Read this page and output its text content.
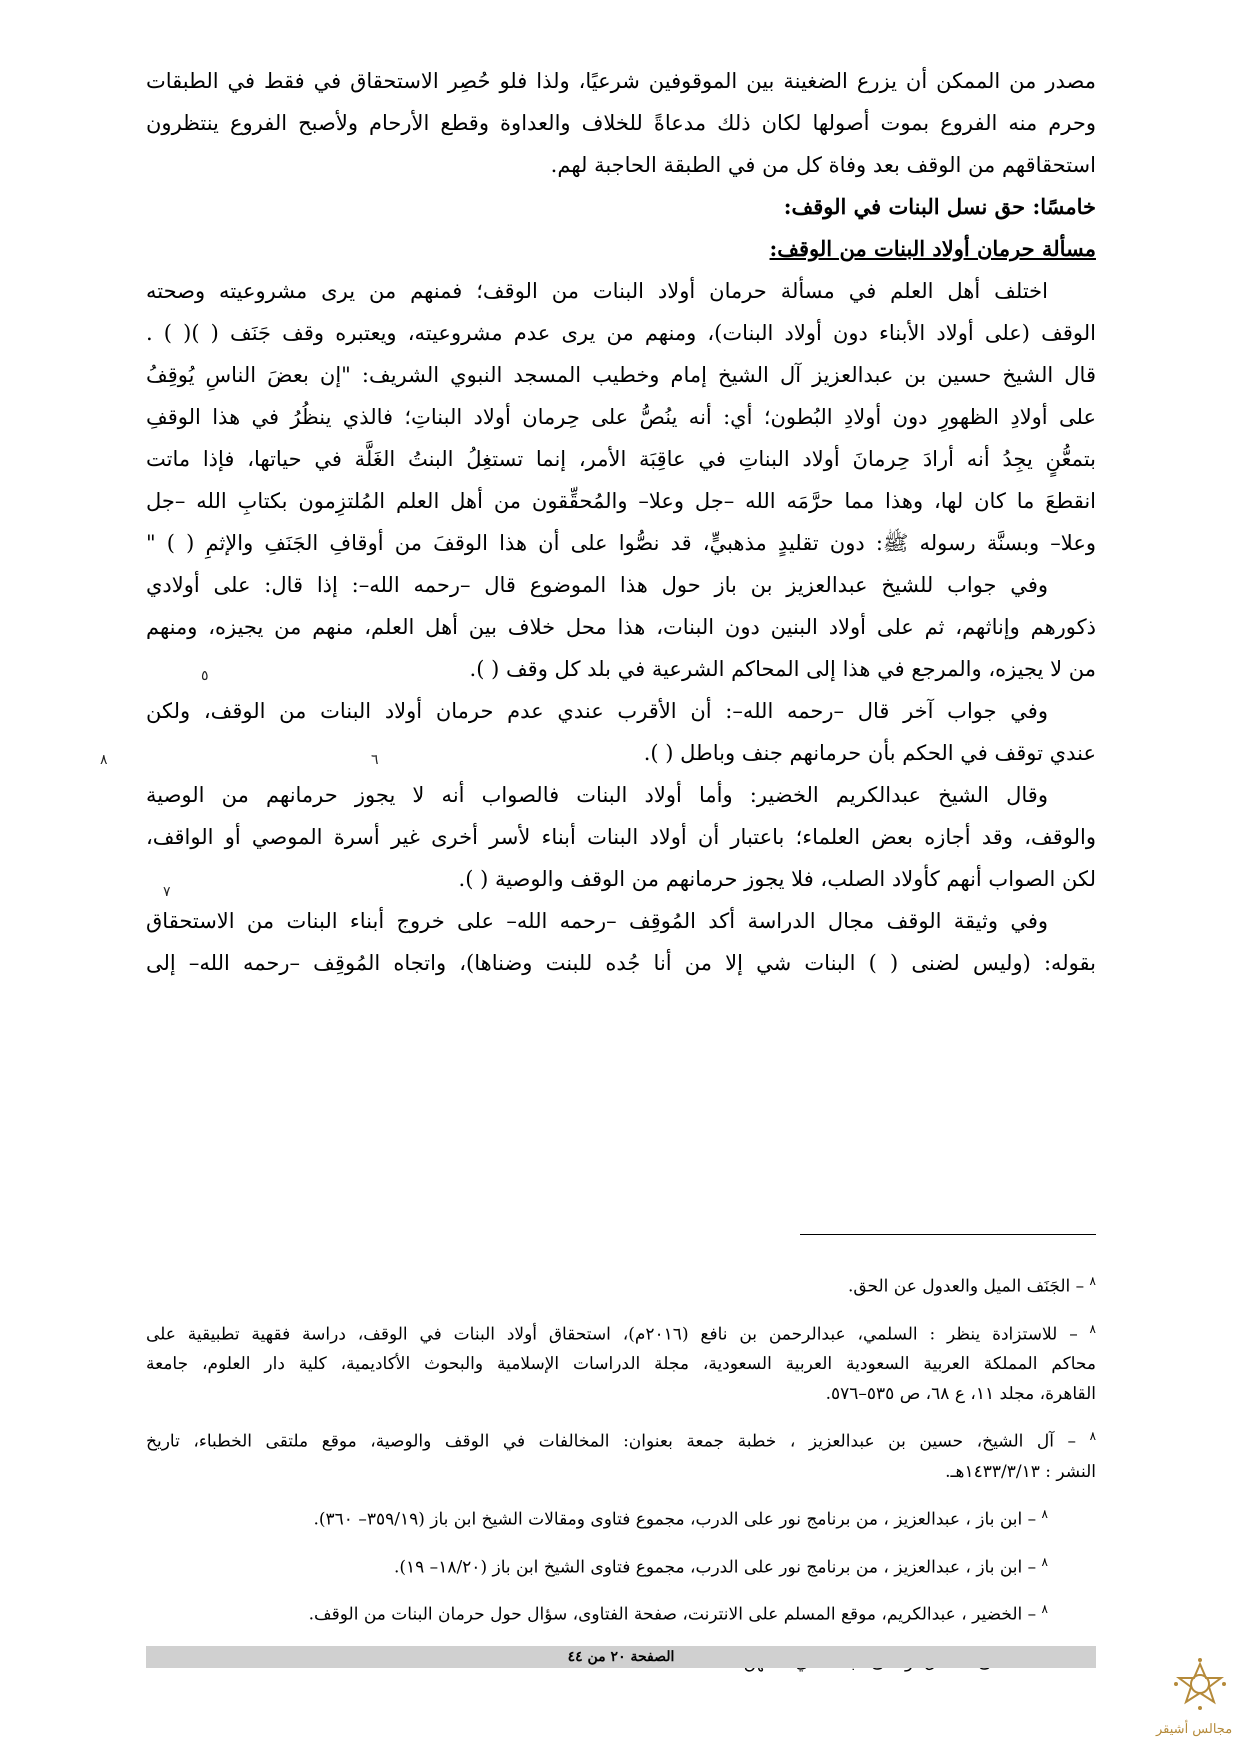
مصدر من الممكن أن يزرع الضغينة بين الموقوفين شرعيًا، ولذا فلو حُصِر الاستحقاق في فقط في الطبقات
وحرم منه الفروع بموت أصولها لكان ذلك مدعاةً للخلاف والعداوة وقطع الأرحام ولأصبح الفروع ينتظرون
استحقاقهم من الوقف بعد وفاة كل من في الطبقة الحاجبة لهم.
خامسًا: حق نسل البنات في الوقف:
مسألة حرمان أولاد البنات من الوقف:
اختلف أهل العلم في مسألة حرمان أولاد البنات من الوقف؛ فمنهم من يرى مشروعيته وصحته
الوقف (على أولاد الأبناء دون أولاد البنات)، ومنهم من يرى عدم مشروعيته، ويعتبره وقف جَنَف ( )( ) .
قال الشيخ حسين بن عبدالعزيز آل الشيخ إمام وخطيب المسجد النبوي الشريف: "إن بعضَ الناسِ يُوقِفُ
على أولادِ الظهورِ دون أولادِ البُطون؛ أي: أنه ينُصُّ على حِرمان أولاد البناتِ؛ فالذي ينظُرُ في هذا الوقفِ
بتمعُّنٍ يجِدُ أنه أرادَ حِرمانَ أولاد البناتِ في عاقِبَة الأمر، إنما تستغِلُ البنتُ الغَلَّة في حياتها، فإذا ماتت
انقطعَ ما كان لها، وهذا مما حرَّمَه الله –جل وعلا– والمُحقِّقون من أهل العلم المُلتزِمون بكتابِ الله –جل
وعلا– وبسنَّة رسوله ﷺ: دون تقليدٍ مذهبيٍّ، قد نصُّوا على أن هذا الوقفَ من أوقافِ الجَنَفِ والإثمِ ( ) "
وفي جواب للشيخ عبدالعزيز بن باز حول هذا الموضوع قال –رحمه الله–: إذا قال: على أولادي
ذكورهم وإناثهم، ثم على أولاد البنين دون البنات، هذا محل خلاف بين أهل العلم، منهم من يجيزه، ومنهم
من لا يجيزه، والمرجع في هذا إلى المحاكم الشرعية في بلد كل وقف ( ).
وفي جواب آخر قال –رحمه الله–: أن الأقرب عندي عدم حرمان أولاد البنات من الوقف، ولكن
عندي توقف في الحكم بأن حرمانهم جنف وباطل ( ).
وقال الشيخ عبدالكريم الخضير: وأما أولاد البنات فالصواب أنه لا يجوز حرمانهم من الوصية
والوقف، وقد أجازه بعض العلماء؛ باعتبار أن أولاد البنات أبناء لأسر أخرى غير أسرة الموصي أو الواقف،
لكن الصواب أنهم كأولاد الصلب، فلا يجوز حرمانهم من الوقف والوصية ( ).
وفي وثيقة الوقف مجال الدراسة أكد المُوقِف –رحمه الله– على خروج أبناء البنات من الاستحقاق
بقوله: (وليس لضنى ( ) البنات شي إلا من أنا جُده للبنت وضناها)، واتجاه المُوقِف –رحمه الله– إلى
٥
٦
٨
٧
$^٨$ – الجَنَف الميل والعدول عن الحق.
$^٨$ – للاستزادة ينظر : السلمي، عبدالرحمن بن نافع (٢٠١٦م)، استحقاق أولاد البنات في الوقف، دراسة فقهية تطبيقية على
محاكم المملكة العربية السعودية العربية السعودية، مجلة الدراسات الإسلامية والبحوث الأكاديمية، كلية دار العلوم، جامعة
القاهرة، مجلد ١١، ع ٦٨، ص ٥٣٥–٥٧٦.
$^٨$ – آل الشيخ، حسين بن عبدالعزيز ، خطبة جمعة بعنوان: المخالفات في الوقف والوصية، موقع ملتقى الخطباء، تاريخ
النشر : ١٤٣٣/٣/١٣هـ.
$^٨$ – ابن باز ، عبدالعزيز ، من برنامج نور على الدرب، مجموع فتاوى ومقالات الشيخ ابن باز (٣٥٩/١٩– ٣٦٠).
$^٨$ – ابن باز ، عبدالعزيز ، من برنامج نور على الدرب، مجموع فتاوى الشيخ ابن باز (١٨/٢٠– ١٩).
$^٨$ – الخضير ، عبدالكريم، موقع المسلم على الانترنت، صفحة الفتاوى، سؤال حول حرمان البنات من الوقف.
الصفحة ٢٠ من ٤٤
مجالس أشيقر
